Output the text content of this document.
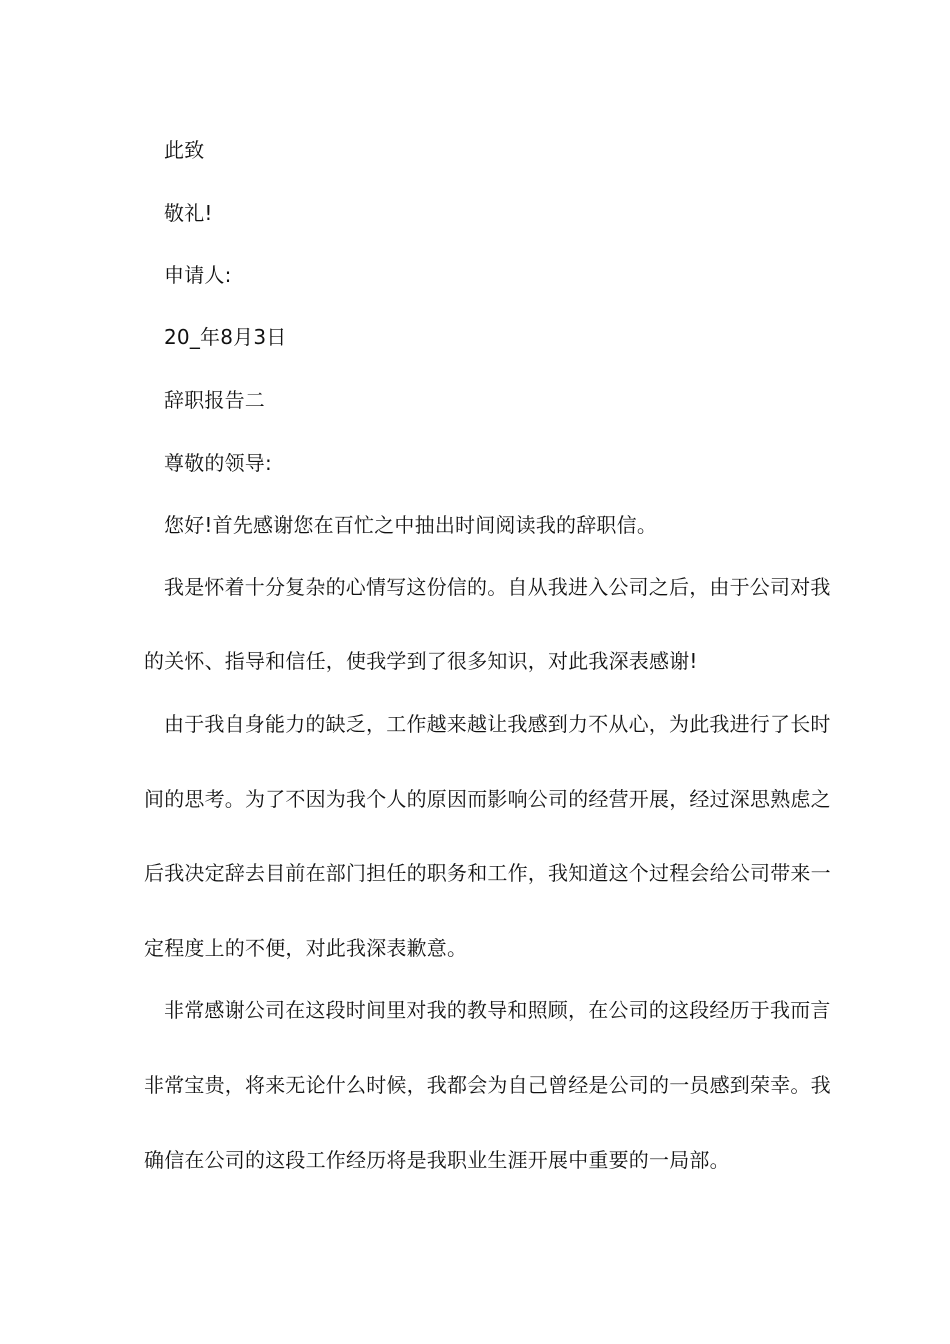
此致
敬礼!
申请人:
20_年8月3日
辞职报告二
尊敬的领导:
您好!首先感谢您在百忙之中抽出时间阅读我的辞职信。
我是怀着十分复杂的心情写这份信的。自从我进入公司之后，由于公司对我
的关怀、指导和信任，使我学到了很多知识，对此我深表感谢!
由于我自身能力的缺乏，工作越来越让我感到力不从心，为此我进行了长时
间的思考。为了不因为我个人的原因而影响公司的经营开展，经过深思熟虑之
后我决定辞去目前在部门担任的职务和工作，我知道这个过程会给公司带来一
定程度上的不便，对此我深表歉意。
非常感谢公司在这段时间里对我的教导和照顾，在公司的这段经历于我而言
非常宝贵，将来无论什么时候，我都会为自己曾经是公司的一员感到荣幸。我
确信在公司的这段工作经历将是我职业生涯开展中重要的一局部。
